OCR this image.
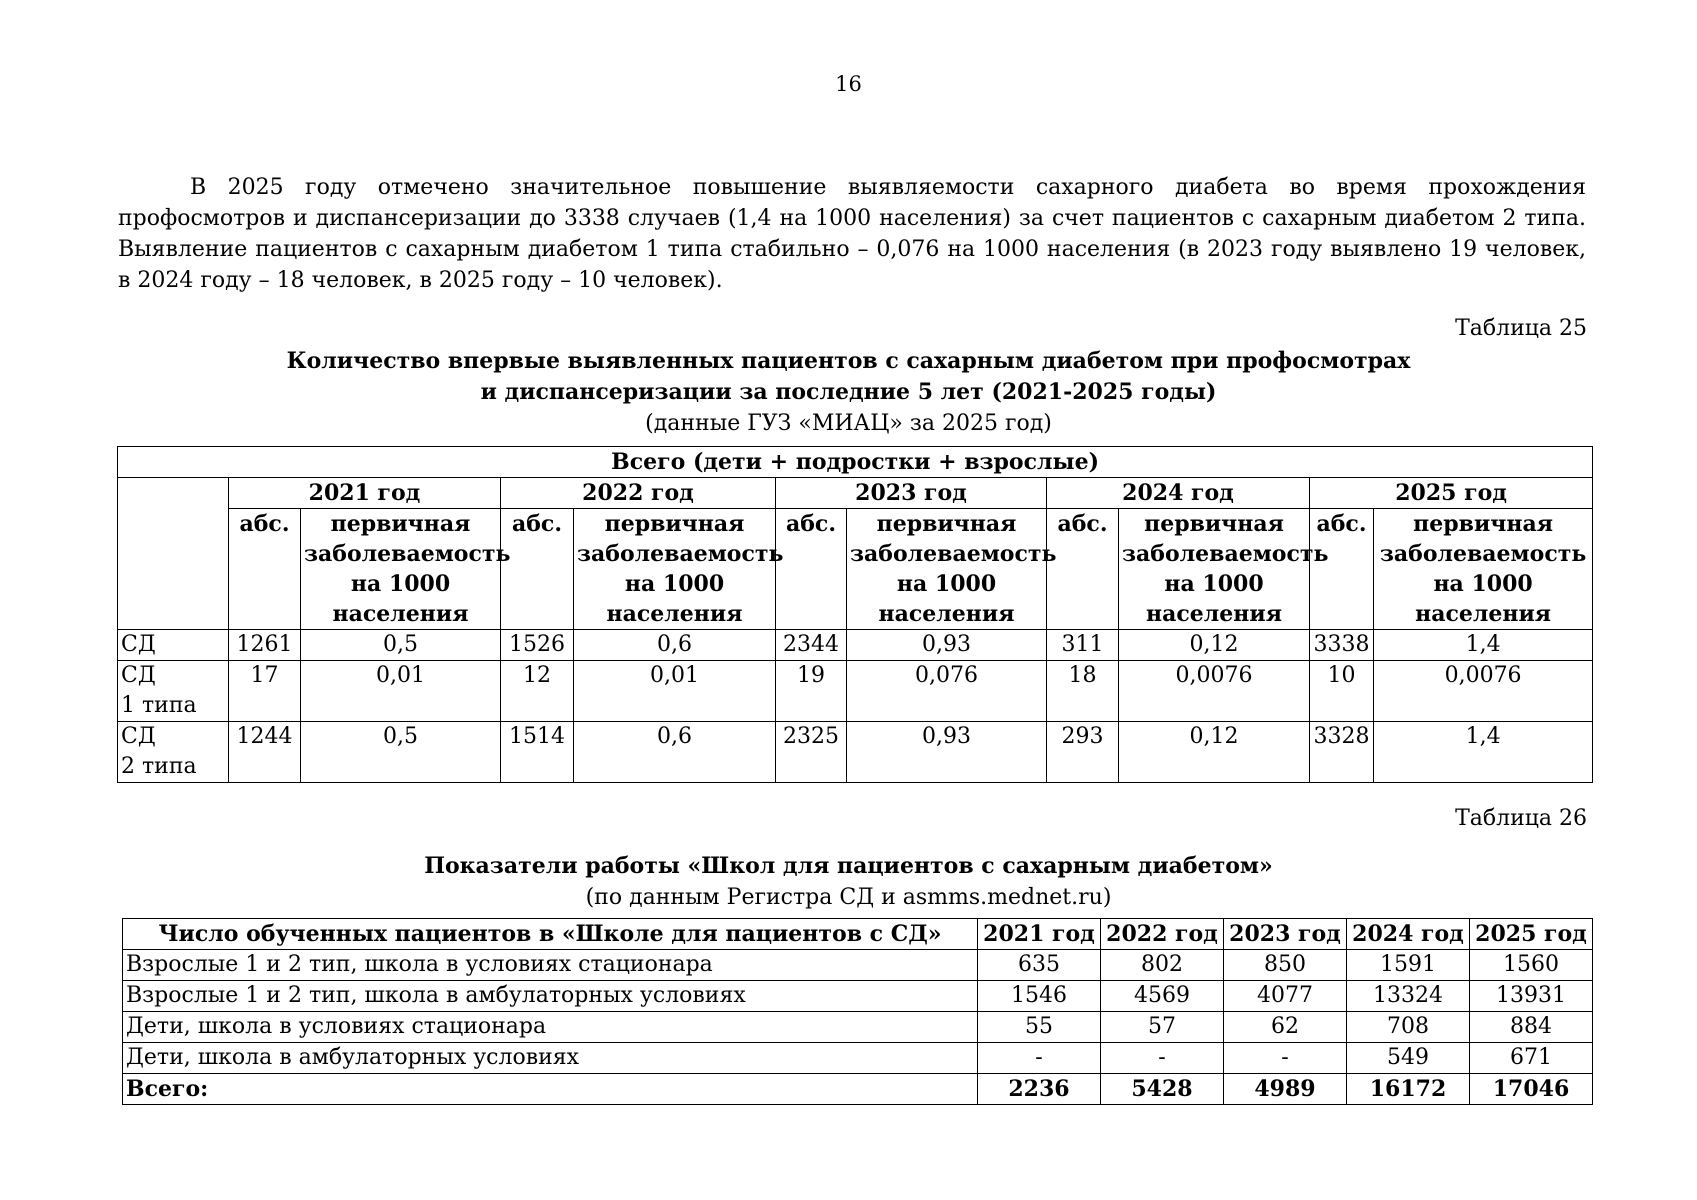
16
В 2025 году отмечено значительное повышение выявляемости сахарного диабета во время прохождения профосмотров и диспансеризации до 3338 случаев (1,4 на 1000 населения) за счет пациентов с сахарным диабетом 2 типа. Выявление пациентов с сахарным диабетом 1 типа стабильно – 0,076 на 1000 населения (в 2023 году выявлено 19 человек, в 2024 году – 18 человек, в 2025 году – 10 человек).
Таблица 25
Количество впервые выявленных пациентов с сахарным диабетом при профосмотрах
и диспансеризации за последние 5 лет (2021-2025 годы)
(данные ГУЗ «МИАЦ» за 2025 год)
Всего (дети + подростки + взрослые)										
	2021 год		2022 год		2023 год		2024 год		2025 год	
	абс.	первичная
заболеваемость
на 1000
населения	абс.	первичная
заболеваемость
на 1000
населения	абс.	первичная
заболеваемость
на 1000
населения	абс.	первичная
заболеваемость
на 1000
населения	абс.	первичная
заболеваемость
на 1000
населения
СД	1261	0,5	1526	0,6	2344	0,93	311	0,12	3338	1,4
СД
1 типа	17	0,01	12	0,01	19	0,076	18	0,0076	10	0,0076
СД
2 типа	1244	0,5	1514	0,6	2325	0,93	293	0,12	3328	1,4
Таблица 26
Показатели работы «Школ для пациентов с сахарным диабетом»
(по данным Регистра СД и asmms.mednet.ru)
Число обученных пациентов в «Школе для пациентов с СД»	2021 год	2022 год	2023 год	2024 год	2025 год
Взрослые 1 и 2 тип, школа в условиях стационара	635	802	850	1591	1560
Взрослые 1 и 2 тип, школа в амбулаторных условиях	1546	4569	4077	13324	13931
Дети, школа в условиях стационара	55	57	62	708	884
Дети, школа в амбулаторных условиях	-	-	-	549	671
Всего:	2236	5428	4989	16172	17046
